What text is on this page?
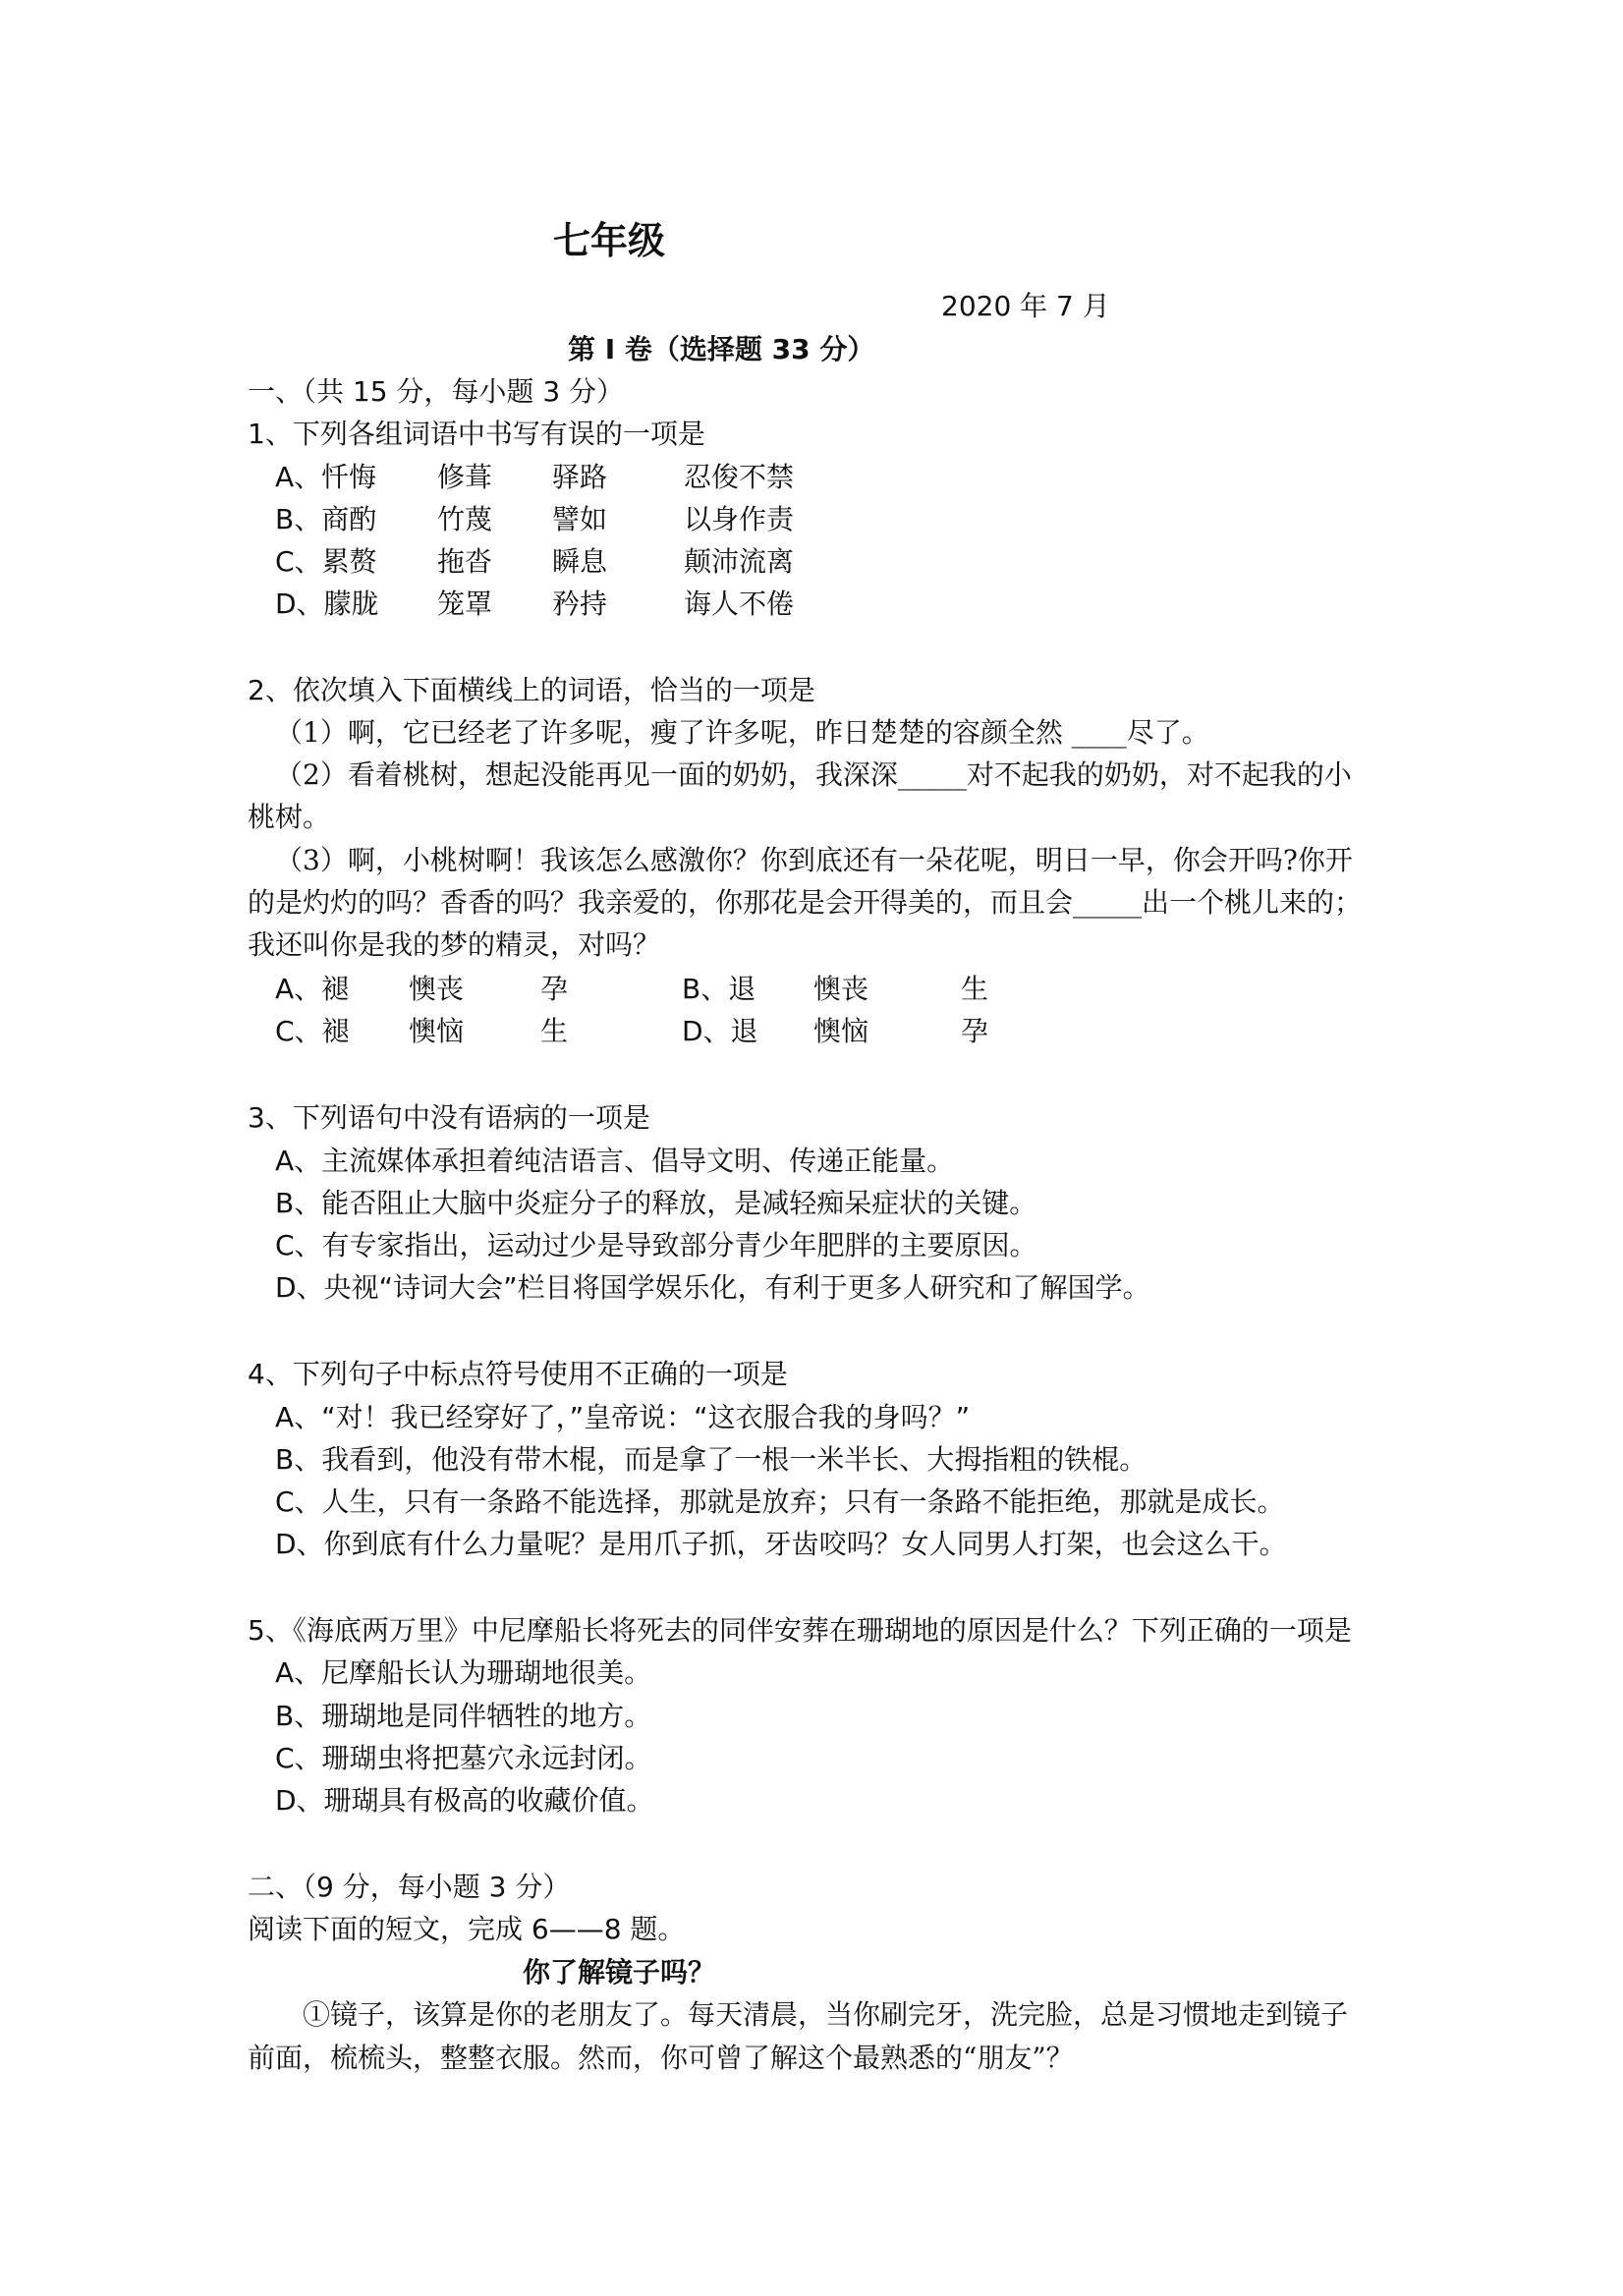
七年级
2020 年 7 月
第 I 卷（选择题 33 分）
一、（共 15 分，每小题 3 分）
1、下列各组词语中书写有误的一项是
A、忏悔 修葺 驿路	忍俊不禁
B、商酌 竹蔑 譬如	以身作责
C、累赘 拖沓 瞬息	颠沛流离
D、朦胧 笼罩 矜持	诲人不倦
2、依次填入下面横线上的词语，恰当的一项是
（1）啊，它已经老了许多呢，瘦了许多呢，昨日楚楚的容颜全然 ____尽了。
（2）看着桃树，想起没能再见一面的奶奶，我深深_____对不起我的奶奶，对不起我的小
桃树。
（3）啊，小桃树啊！我该怎么感激你？你到底还有一朵花呢，明日一早，你会开吗?你开
的是灼灼的吗？香香的吗？我亲爱的，你那花是会开得美的，而且会_____出一个桃儿来的；
我还叫你是我的梦的精灵，对吗？
A、褪 懊丧	孕	B、退 懊丧	生
C、褪 懊恼	生	D、退 懊恼	孕
3、下列语句中没有语病的一项是
A、主流媒体承担着纯洁语言、倡导文明、传递正能量。
B、能否阻止大脑中炎症分子的释放，是减轻痴呆症状的关键。
C、有专家指出，运动过少是导致部分青少年肥胖的主要原因。
D、央视“诗词大会”栏目将国学娱乐化，有利于更多人研究和了解国学。
4、下列句子中标点符号使用不正确的一项是
A、“对！我已经穿好了，”皇帝说：“这衣服合我的身吗？”
B、我看到，他没有带木棍，而是拿了一根一米半长、大拇指粗的铁棍。
C、人生，只有一条路不能选择，那就是放弃；只有一条路不能拒绝，那就是成长。
D、你到底有什么力量呢？是用爪子抓，牙齿咬吗？女人同男人打架，也会这么干。
5、《海底两万里》中尼摩船长将死去的同伴安葬在珊瑚地的原因是什么？下列正确的一项是
A、尼摩船长认为珊瑚地很美。
B、珊瑚地是同伴牺牲的地方。
C、珊瑚虫将把墓穴永远封闭。
D、珊瑚具有极高的收藏价值。
二、（9 分，每小题 3 分）
阅读下面的短文，完成 6——8 题。
你了解镜子吗？
①镜子，该算是你的老朋友了。每天清晨，当你刷完牙，洗完脸，总是习惯地走到镜子
前面，梳梳头，整整衣服。然而，你可曾了解这个最熟悉的“朋友”？
